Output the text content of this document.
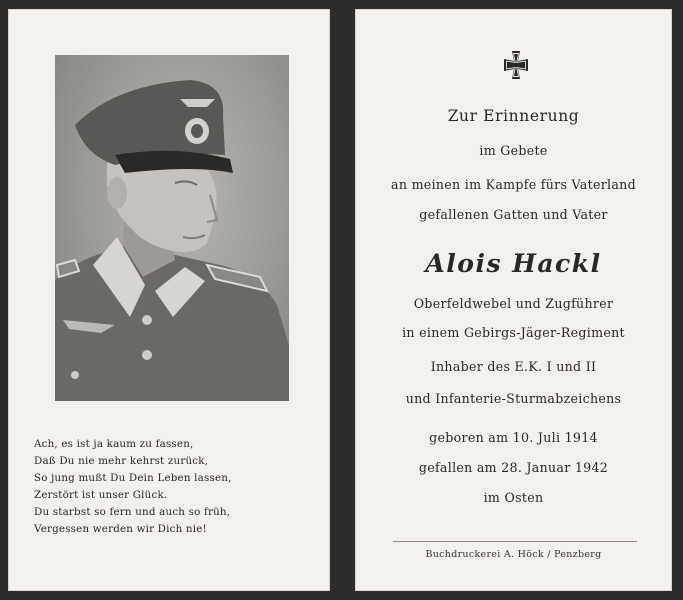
Ach, es ist ja kaum zu fassen,
Daß Du nie mehr kehrst zurück,
So jung mußt Du Dein Leben lassen,
Zerstört ist unser Glück.
Du starbst so fern und auch so früh,
Vergessen werden wir Dich nie!
Zur Erinnerung
im Gebete
an meinen im Kampfe fürs Vaterland
gefallenen Gatten und Vater
Alois Hackl
Oberfeldwebel und Zugführer
in einem Gebirgs-Jäger-Regiment
Inhaber des E.K. I und II
und Infanterie-Sturmabzeichens
geboren am 10. Juli 1914
gefallen am 28. Januar 1942
im Osten
Buchdruckerei A. Höck / Penzberg
